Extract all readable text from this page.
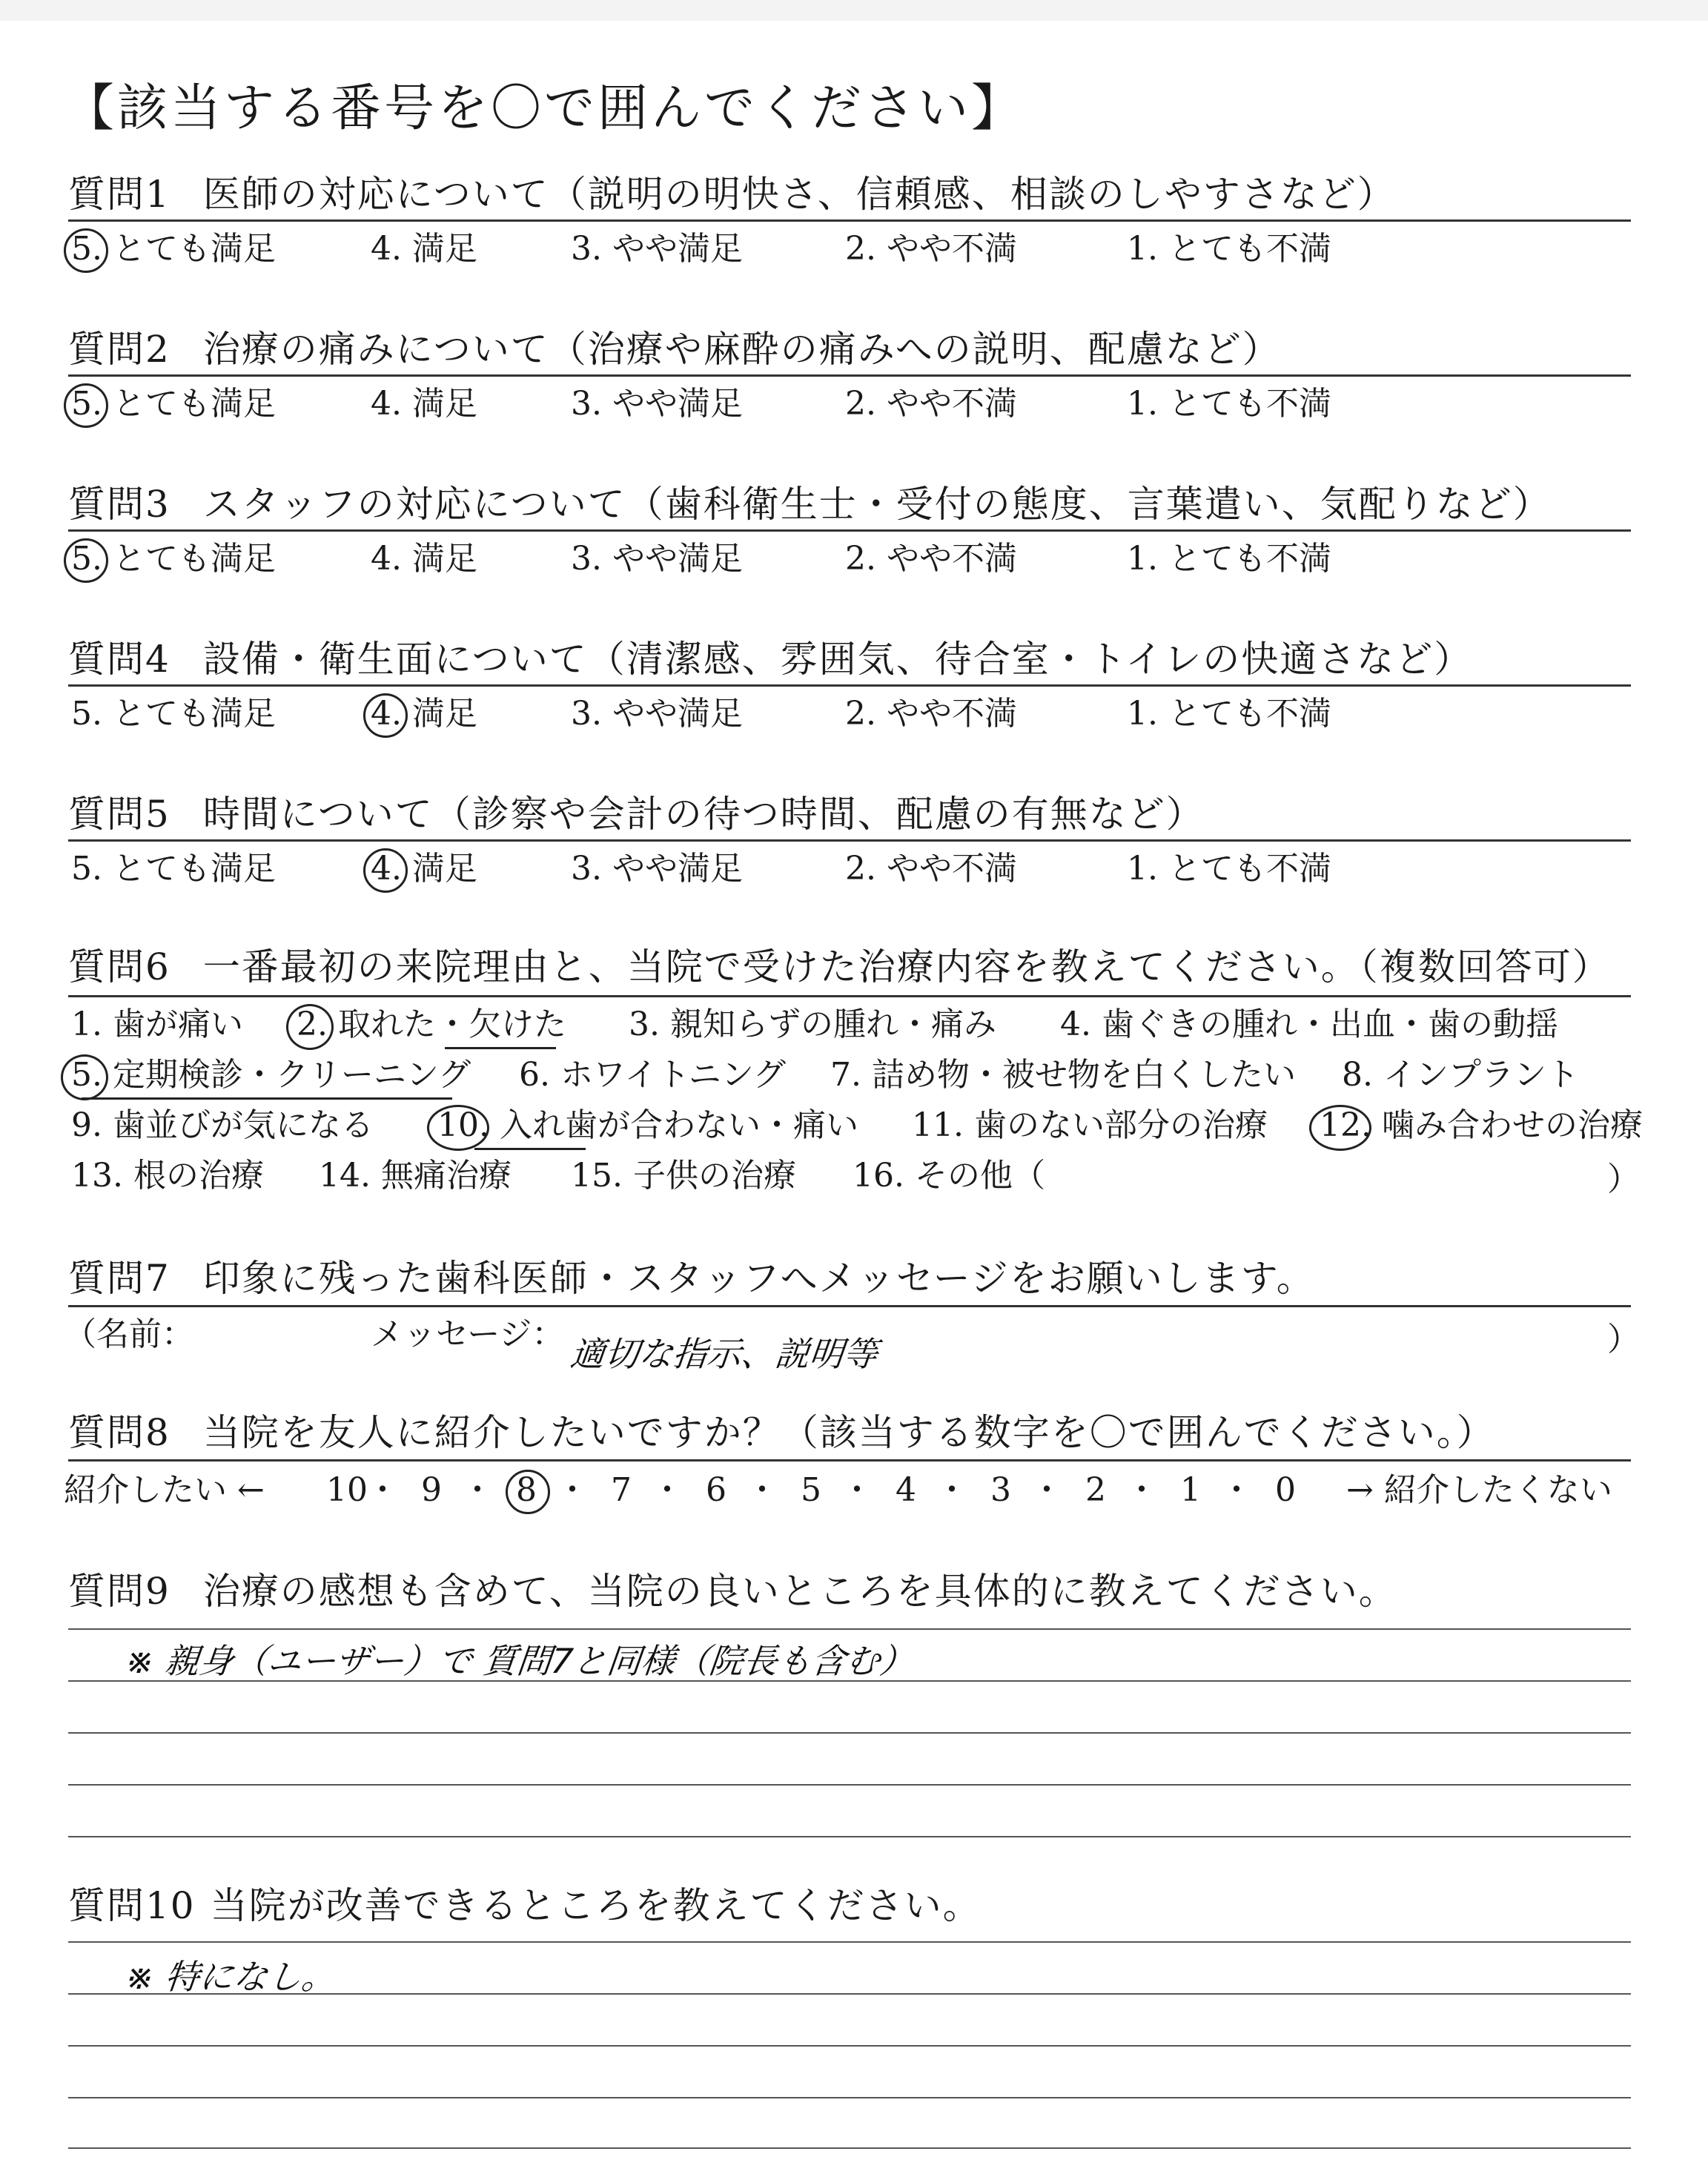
【該当する番号を〇で囲んでください】
質問1 医師の対応について（説明の明快さ、信頼感、相談のしやすさなど）
5. とても満足	4. 満足	3. やや満足	2. やや不満	1. とても不満
質問2 治療の痛みについて（治療や麻酔の痛みへの説明、配慮など）
5. とても満足	4. 満足	3. やや満足	2. やや不満	1. とても不満
質問3 スタッフの対応について（歯科衛生士・受付の態度、言葉遣い、気配りなど）
5. とても満足	4. 満足	3. やや満足	2. やや不満	1. とても不満
質問4 設備・衛生面について（清潔感、雰囲気、待合室・トイレの快適さなど）
5. とても満足	4. 満足	3. やや満足	2. やや不満	1. とても不満
質問5 時間について（診察や会計の待つ時間、配慮の有無など）
5. とても満足	4. 満足	3. やや満足	2. やや不満	1. とても不満
質問6 一番最初の来院理由と、当院で受けた治療内容を教えてください。（複数回答可）
1. 歯が痛い 2. 取れた・欠けた 3. 親知らずの腫れ・痛み 4. 歯ぐきの腫れ・出血・歯の動揺
5. 定期検診・クリーニング 6. ホワイトニング 7. 詰め物・被せ物を白くしたい 8. インプラント
9. 歯並びが気になる 10. 入れ歯が合わない・痛い 11. 歯のない部分の治療 12. 噛み合わせの治療
13. 根の治療 14. 無痛治療 15. 子供の治療 16. その他（	）
質問7 印象に残った歯科医師・スタッフへメッセージをお願いします。
（名前：	メッセージ： 適切な指示、説明等	）
質問8 当院を友人に紹介したいですか？（該当する数字を〇で囲んでください。）
紹介したい ← 10
・ 9 ・ 8 ・ 7 ・ 6 ・ 5 ・ 4 ・ 3 ・ 2 ・ 1 ・ 0 → 紹介したくない
質問9 治療の感想も含めて、当院の良いところを具体的に教えてください。
※ 親身（ユーザー）で 質問7と同様（院長も含む）
質問10 当院が改善できるところを教えてください。
※ 特になし。
